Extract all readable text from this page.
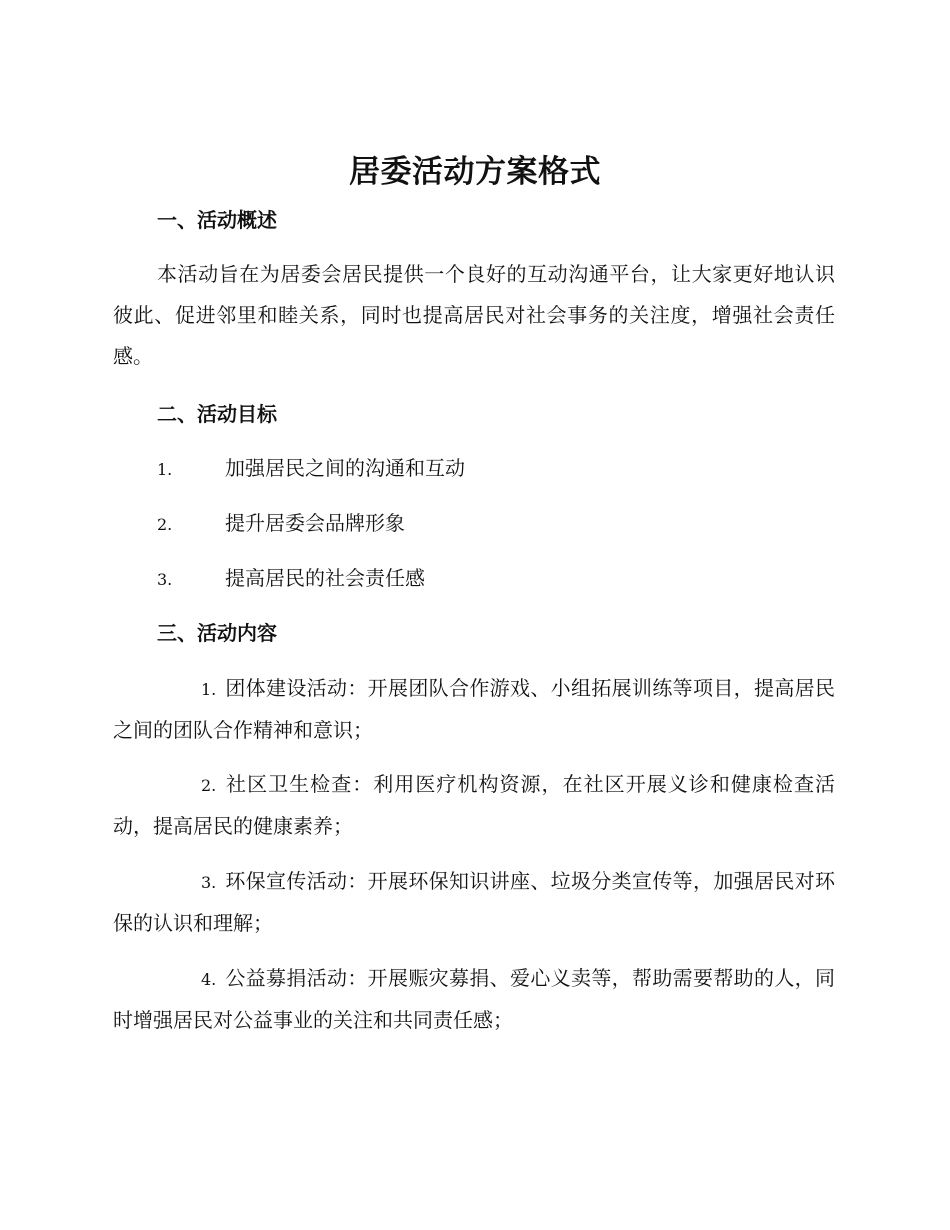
居委活动方案格式
一、活动概述

本活动旨在为居委会居民提供一个良好的互动沟通平台，让大家更好地认识彼此、促进邻里和睦关系，同时也提高居民对社会事务的关注度，增强社会责任感。

二、活动目标
1.	加强居民之间的沟通和互动
2.	提升居委会品牌形象
3.	提高居民的社会责任感
三、活动内容

1. 团体建设活动：开展团队合作游戏、小组拓展训练等项目，提高居民之间的团队合作精神和意识；

2. 社区卫生检查：利用医疗机构资源，在社区开展义诊和健康检查活动，提高居民的健康素养；

3. 环保宣传活动：开展环保知识讲座、垃圾分类宣传等，加强居民对环保的认识和理解；

4. 公益募捐活动：开展赈灾募捐、爱心义卖等，帮助需要帮助的人，同时增强居民对公益事业的关注和共同责任感；
